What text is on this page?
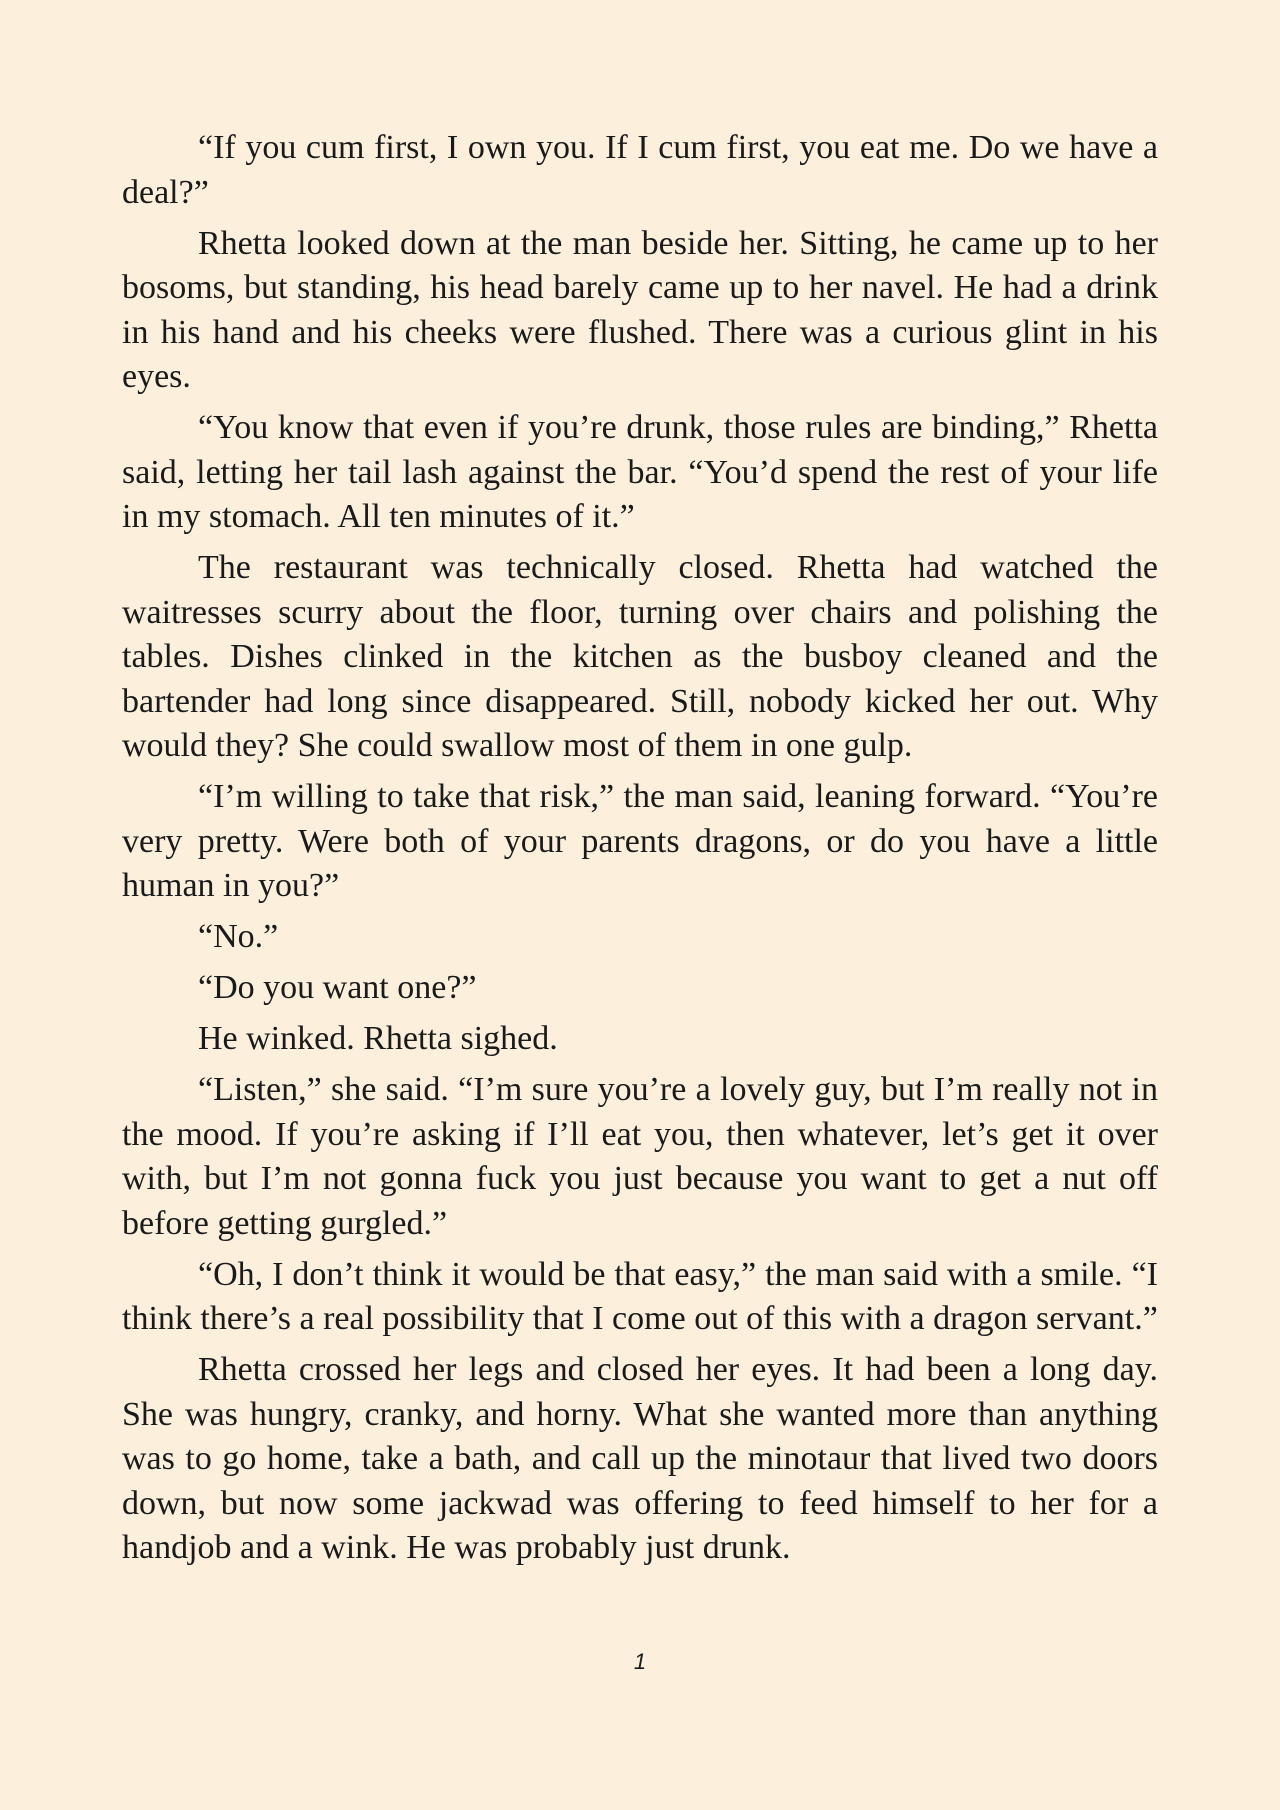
“If you cum first, I own you. If I cum first, you eat me. Do we have a deal?”

Rhetta looked down at the man beside her. Sitting, he came up to her bosoms, but standing, his head barely came up to her navel. He had a drink in his hand and his cheeks were flushed. There was a curious glint in his eyes.

“You know that even if you’re drunk, those rules are binding,” Rhetta said, letting her tail lash against the bar. “You’d spend the rest of your life in my stomach. All ten minutes of it.”

The restaurant was technically closed. Rhetta had watched the waitresses scurry about the floor, turning over chairs and polishing the tables. Dishes clinked in the kitchen as the busboy cleaned and the bartender had long since disappeared. Still, nobody kicked her out. Why would they? She could swallow most of them in one gulp.

“I’m willing to take that risk,” the man said, leaning forward. “You’re very pretty. Were both of your parents dragons, or do you have a little human in you?”

“No.”

“Do you want one?”

He winked. Rhetta sighed.

“Listen,” she said. “I’m sure you’re a lovely guy, but I’m really not in the mood. If you’re asking if I’ll eat you, then whatever, let’s get it over with, but I’m not gonna fuck you just because you want to get a nut off before getting gurgled.”

“Oh, I don’t think it would be that easy,” the man said with a smile. “I think there’s a real possibility that I come out of this with a dragon servant.”

Rhetta crossed her legs and closed her eyes. It had been a long day. She was hungry, cranky, and horny. What she wanted more than anything was to go home, take a bath, and call up the minotaur that lived two doors down, but now some jackwad was offering to feed himself to her for a handjob and a wink. He was probably just drunk.

1
